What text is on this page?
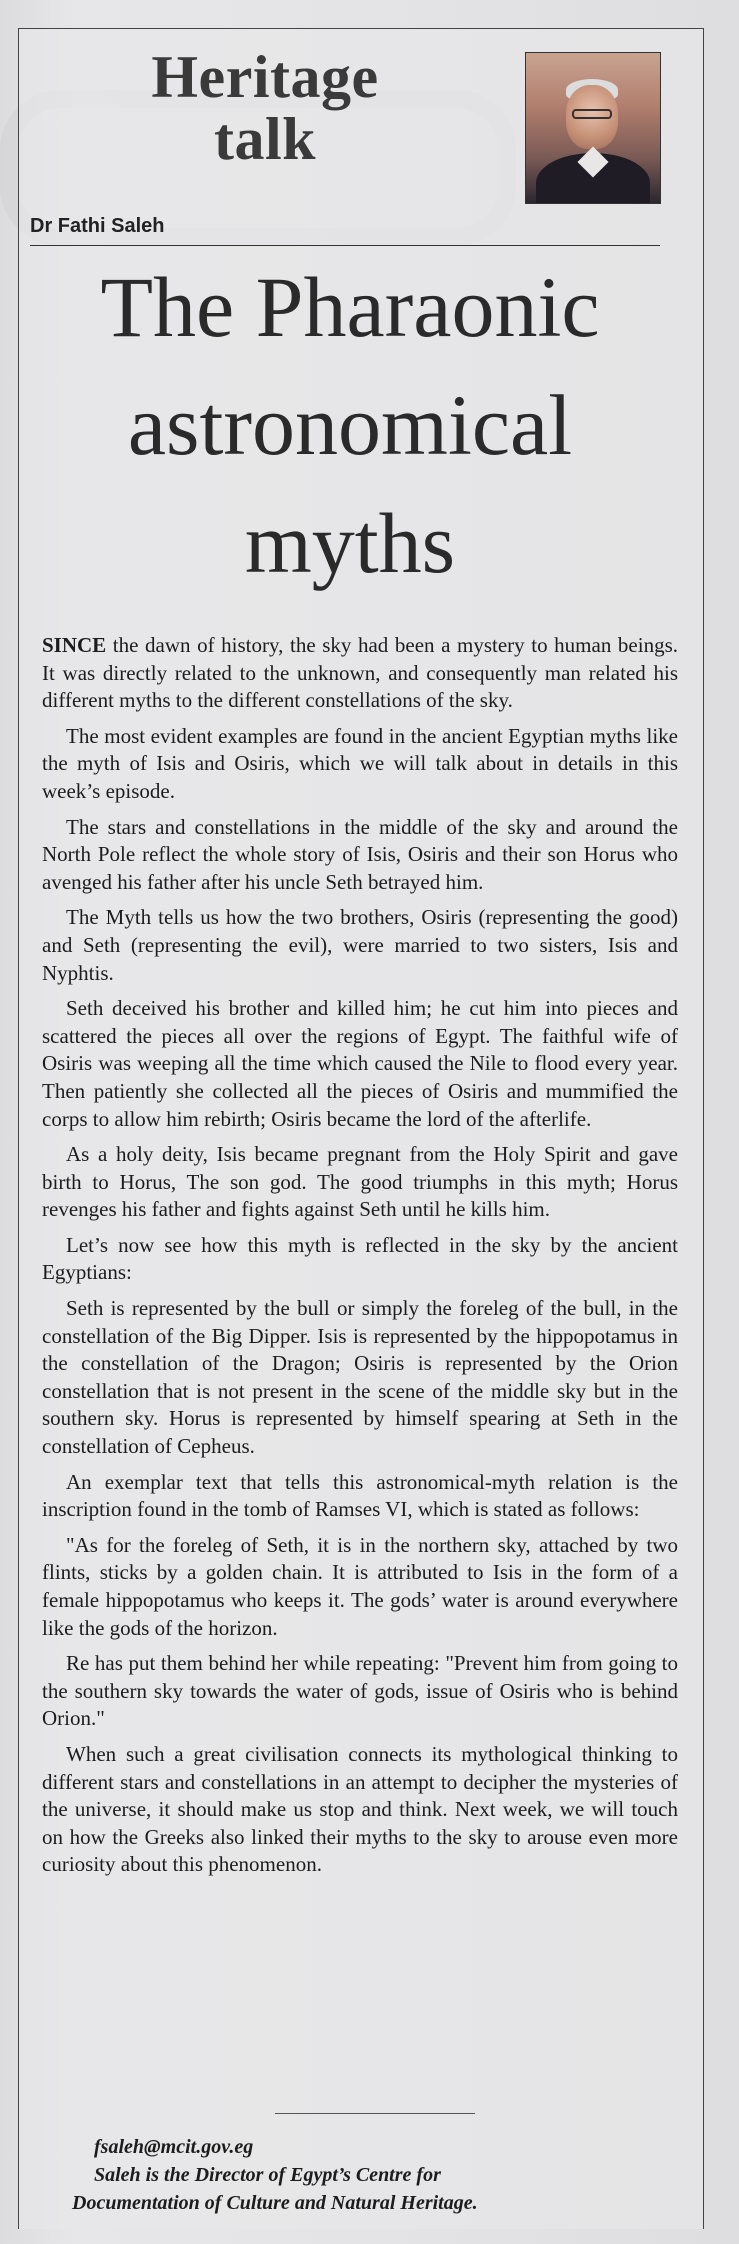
Heritage
talk
Dr Fathi Saleh
The Pharaonic
astronomical
myths

SINCE the dawn of history, the sky had been a mystery to human beings. It was directly related to the unknown, and consequently man related his different myths to the different constellations of the sky.

The most evident examples are found in the ancient Egyptian myths like the myth of Isis and Osiris, which we will talk about in details in this week’s episode.

The stars and constellations in the middle of the sky and around the North Pole reflect the whole story of Isis, Osiris and their son Horus who avenged his father after his uncle Seth betrayed him.

The Myth tells us how the two brothers, Osiris (representing the good) and Seth (representing the evil), were married to two sisters, Isis and Nyphtis.

Seth deceived his brother and killed him; he cut him into pieces and scattered the pieces all over the regions of Egypt. The faithful wife of Osiris was weeping all the time which caused the Nile to flood every year. Then patiently she collected all the pieces of Osiris and mummified the corps to allow him rebirth; Osiris became the lord of the afterlife.

As a holy deity, Isis became pregnant from the Holy Spirit and gave birth to Horus, The son god. The good triumphs in this myth; Horus revenges his father and fights against Seth until he kills him.

Let’s now see how this myth is reflected in the sky by the ancient Egyptians:

Seth is represented by the bull or simply the foreleg of the bull, in the constellation of the Big Dipper. Isis is represented by the hippopotamus in the constellation of the Dragon; Osiris is represented by the Orion constellation that is not present in the scene of the middle sky but in the southern sky. Horus is represented by himself spearing at Seth in the constellation of Cepheus.

An exemplar text that tells this astronomical-myth relation is the inscription found in the tomb of Ramses VI, which is stated as follows:

"As for the foreleg of Seth, it is in the northern sky, attached by two flints, sticks by a golden chain. It is attributed to Isis in the form of a female hippopotamus who keeps it. The gods’ water is around everywhere like the gods of the horizon.

Re has put them behind her while repeating: "Prevent him from going to the southern sky towards the water of gods, issue of Osiris who is behind Orion."

When such a great civilisation connects its mythological thinking to different stars and constellations in an attempt to decipher the mysteries of the universe, it should make us stop and think. Next week, we will touch on how the Greeks also linked their myths to the sky to arouse even more curiosity about this phenomenon.

fsaleh@mcit.gov.eg
Saleh is the Director of Egypt’s Centre for
Documentation of Culture and Natural Heritage.
